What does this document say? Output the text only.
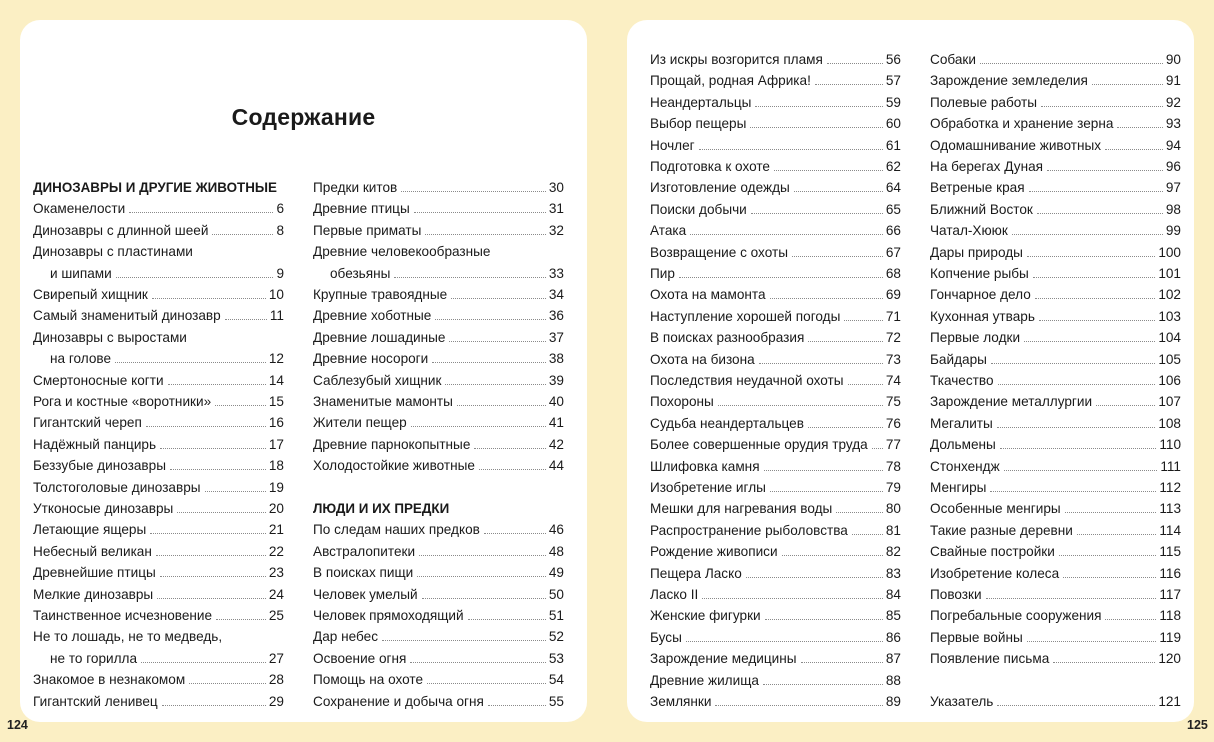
Содержание
ДИНОЗАВРЫ И ДРУГИЕ ЖИВОТНЫЕ
Окаменелости	6
Динозавры с длинной шеей	8
Динозавры с пластинами
и шипами	9
Свирепый хищник	10
Самый знаменитый динозавр	11
Динозавры с выростами
на голове	12
Смертоносные когти	14
Рога и костные «воротники»	15
Гигантский череп	16
Надёжный панцирь	17
Беззубые динозавры	18
Толстоголовые динозавры	19
Утконосые динозавры	20
Летающие ящеры	21
Небесный великан	22
Древнейшие птицы	23
Мелкие динозавры	24
Таинственное исчезновение	25
Не то лошадь, не то медведь,
не то горилла	27
Знакомое в незнакомом	28
Гигантский ленивец	29
Предки китов	30
Древние птицы	31
Первые приматы	32
Древние человекообразные
обезьяны	33
Крупные травоядные	34
Древние хоботные	36
Древние лошадиные	37
Древние носороги	38
Саблезубый хищник	39
Знаменитые мамонты	40
Жители пещер	41
Древние парнокопытные	42
Холодостойкие животные	44
ЛЮДИ И ИХ ПРЕДКИ
По следам наших предков	46
Австралопитеки	48
В поисках пищи	49
Человек умелый	50
Человек прямоходящий	51
Дар небес	52
Освоение огня	53
Помощь на охоте	54
Сохранение и добыча огня	55
Из искры возгорится пламя	56
Прощай, родная Африка!	57
Неандертальцы	59
Выбор пещеры	60
Ночлег	61
Подготовка к охоте	62
Изготовление одежды	64
Поиски добычи	65
Атака	66
Возвращение с охоты	67
Пир	68
Охота на мамонта	69
Наступление хорошей погоды	71
В поисках разнообразия	72
Охота на бизона	73
Последствия неудачной охоты	74
Похороны	75
Судьба неандертальцев	76
Более совершенные орудия труда 77
Шлифовка камня	78
Изобретение иглы	79
Мешки для нагревания воды	80
Распространение рыболовства	81
Рождение живописи	82
Пещера Ласко	83
Ласко II	84
Женские фигурки	85
Бусы	86
Зарождение медицины	87
Древние жилища	88
Землянки	89
Собаки	90
Зарождение земледелия	91
Полевые работы	92
Обработка и хранение зерна	93
Одомашнивание животных	94
На берегах Дуная	96
Ветреные края	97
Ближний Восток	98
Чатал-Хююк	99
Дары природы	100
Копчение рыбы	101
Гончарное дело	102
Кухонная утварь	103
Первые лодки	104
Байдары	105
Ткачество	106
Зарождение металлургии	107
Мегалиты	108
Дольмены	110
Стонхендж	111
Менгиры	112
Особенные менгиры	113
Такие разные деревни	114
Свайные постройки	115
Изобретение колеса	116
Повозки	117
Погребальные сооружения	118
Первые войны	119
Появление письма	120
Указатель	121
124	125
